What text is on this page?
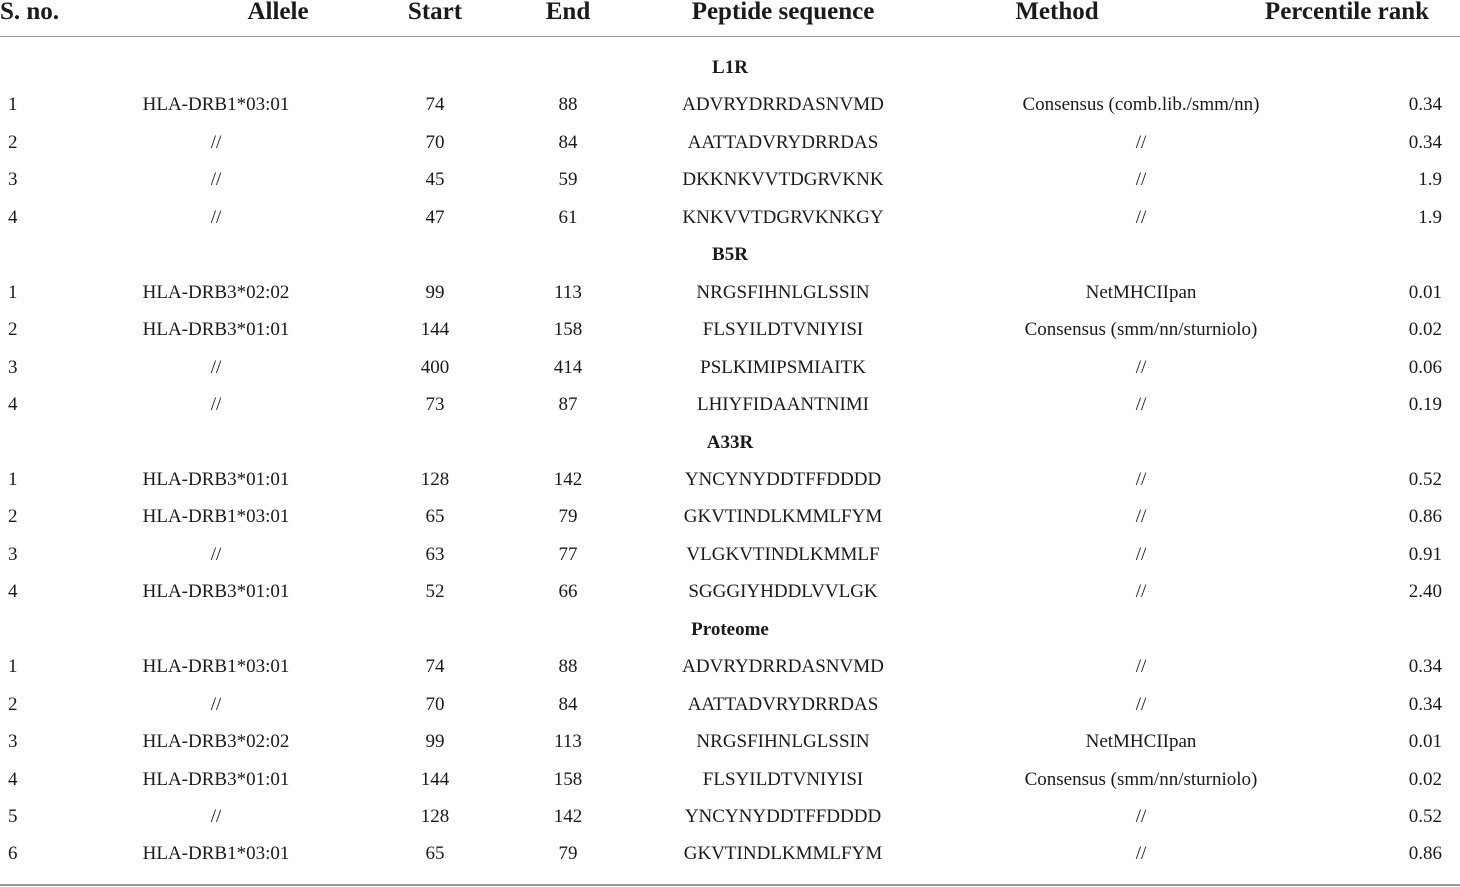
S. no.	Allele	Start	End	Peptide sequence	Method	Percentile rank
L1R
1	HLA-DRB1*03:01	74	88	ADVRYDRRDASNVMD	Consensus (comb.lib./smm/nn)	0.34
2	//	70	84	AATTADVRYDRRDAS	//	0.34
3	//	45	59	DKKNKVVTDGRVKNK	//	1.9
4	//	47	61	KNKVVTDGRVKNKGY	//	1.9
B5R
1	HLA-DRB3*02:02	99	113	NRGSFIHNLGLSSIN	NetMHCIIpan	0.01
2	HLA-DRB3*01:01	144	158	FLSYILDTVNIYISI	Consensus (smm/nn/sturniolo)	0.02
3	//	400	414	PSLKIMIPSMIAITK	//	0.06
4	//	73	87	LHIYFIDAANTNIMI	//	0.19
A33R
1	HLA-DRB3*01:01	128	142	YNCYNYDDTFFDDDD	//	0.52
2	HLA-DRB1*03:01	65	79	GKVTINDLKMMLFYM	//	0.86
3	//	63	77	VLGKVTINDLKMMLF	//	0.91
4	HLA-DRB3*01:01	52	66	SGGGIYHDDLVVLGK	//	2.40
Proteome
1	HLA-DRB1*03:01	74	88	ADVRYDRRDASNVMD	//	0.34
2	//	70	84	AATTADVRYDRRDAS	//	0.34
3	HLA-DRB3*02:02	99	113	NRGSFIHNLGLSSIN	NetMHCIIpan	0.01
4	HLA-DRB3*01:01	144	158	FLSYILDTVNIYISI	Consensus (smm/nn/sturniolo)	0.02
5	//	128	142	YNCYNYDDTFFDDDD	//	0.52
6	HLA-DRB1*03:01	65	79	GKVTINDLKMMLFYM	//	0.86
